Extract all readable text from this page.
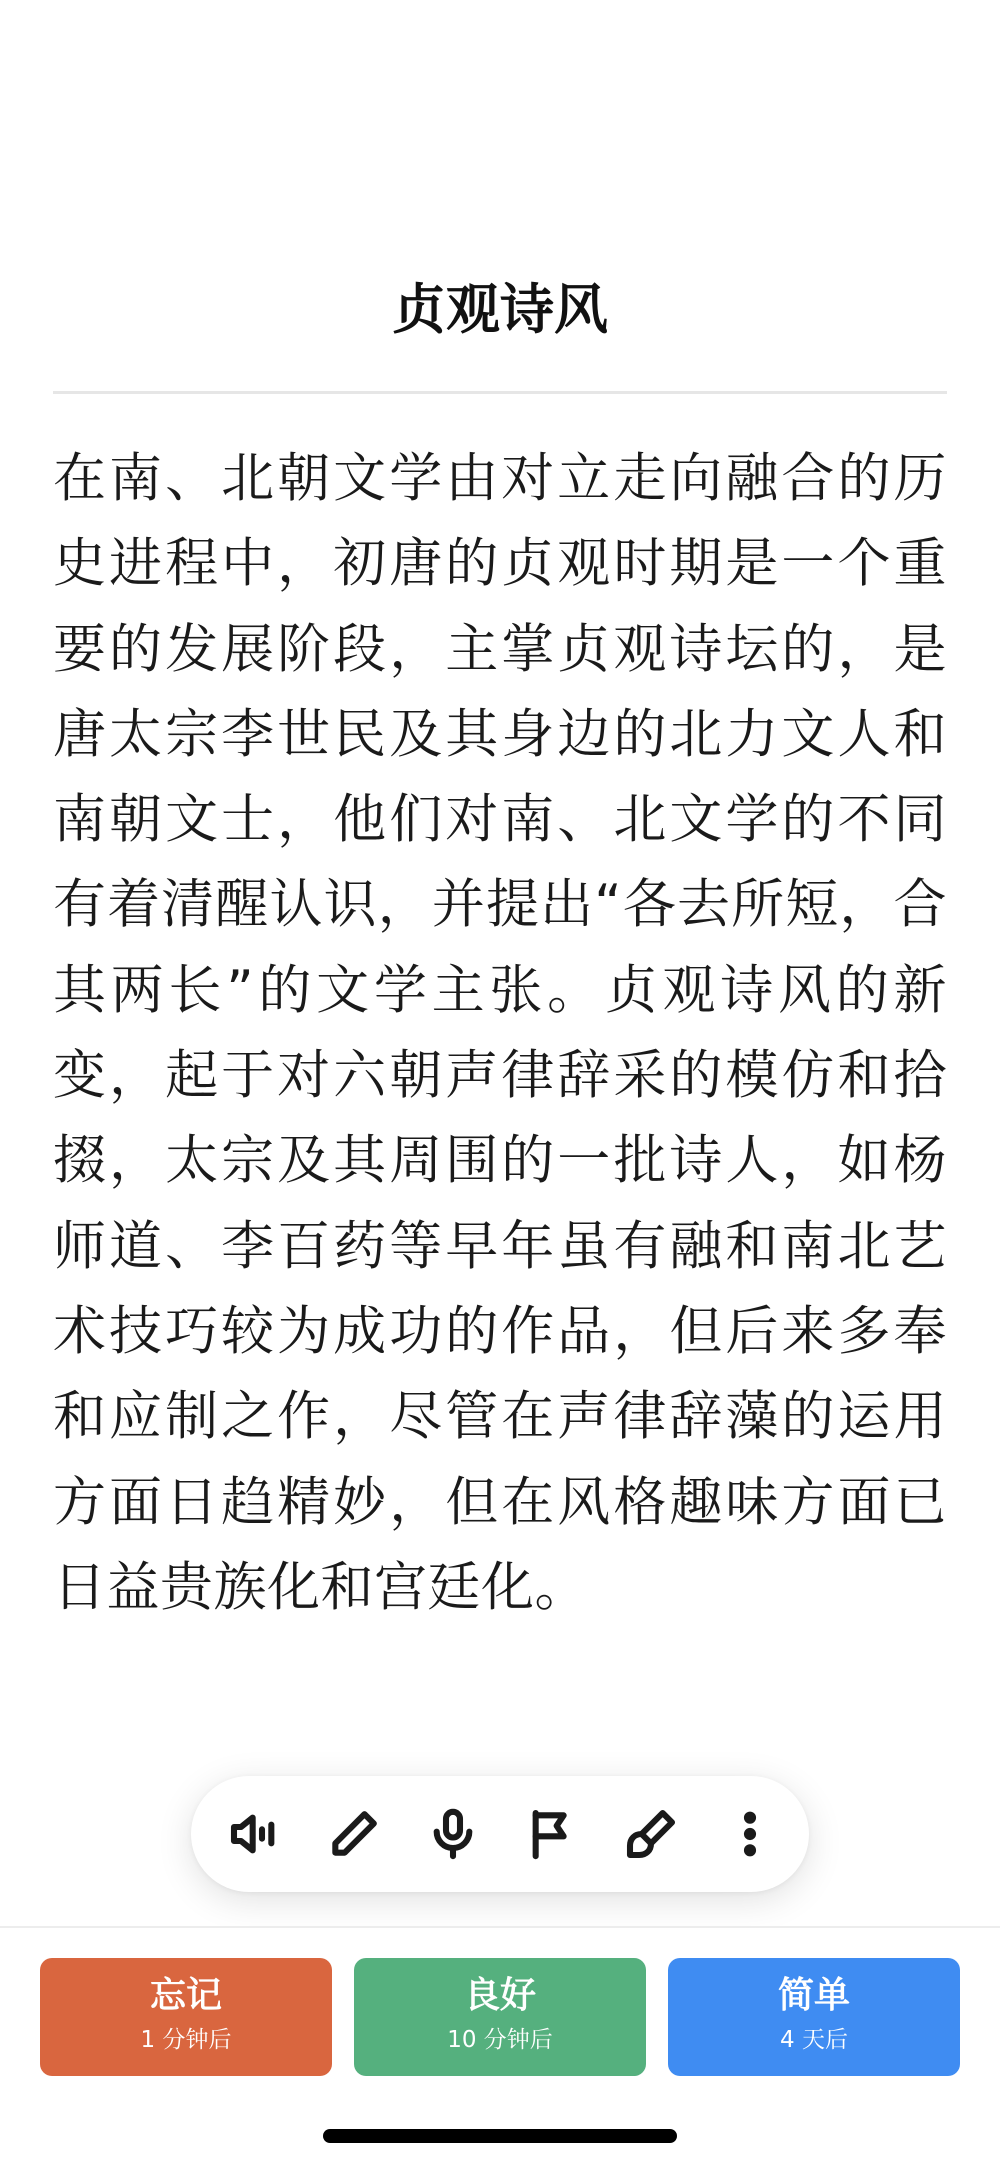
贞观诗风
在南、北朝文学由对立走向融合的历史进程中，初唐的贞观时期是一个重要的发展阶段，主掌贞观诗坛的，是唐太宗李世民及其身边的北力文人和南朝文士，他们对南、北文学的不同有着清醒认识，并提出“各去所短，合其两长”的文学主张。贞观诗风的新变，起于对六朝声律辞采的模仿和拾掇，太宗及其周围的一批诗人，如杨师道、李百药等早年虽有融和南北艺术技巧较为成功的作品，但后来多奉和应制之作，尽管在声律辞藻的运用方面日趋精妙，但在风格趣味方面已日益贵族化和宫廷化。
忘记
1 分钟后
良好
10 分钟后
简单
4 天后
